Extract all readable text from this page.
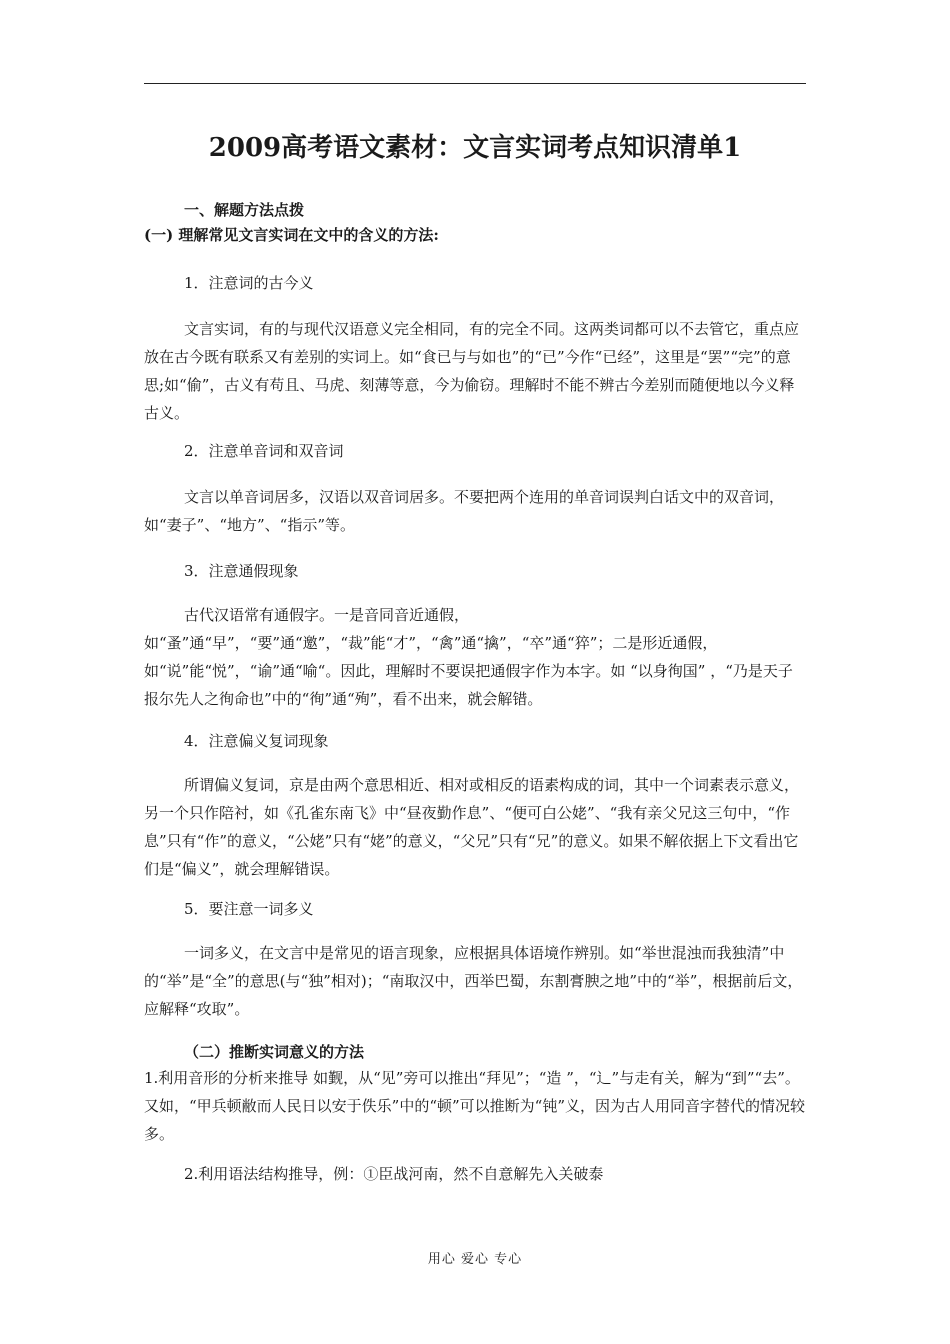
2009高考语文素材：文言实词考点知识清单1
一、解题方法点拨
(一) 理解常见文言实词在文中的含义的方法:
1．注意词的古今义
文言实词，有的与现代汉语意义完全相同，有的完全不同。这两类词都可以不去管它，重点应放在古今既有联系又有差别的实词上。如“食已与与如也”的“已”今作“已经”，这里是“罢”“完”的意思;如“偷”，古义有苟且、马虎、刻薄等意，今为偷窃。理解时不能不辨古今差别而随便地以今义释古义。
2．注意单音词和双音词
文言以单音词居多，汉语以双音词居多。不要把两个连用的单音词误判白话文中的双音词，如“妻子”、“地方”、“指示”等。
3．注意通假现象
古代汉语常有通假字。一是音同音近通假，如“蚤”通“早”，“要”通“邀”，“裁”能“才”，“禽”通“擒”，“卒”通“猝”；二是形近通假，如“说”能“悦”，“谕”通“喻“。因此，理解时不要误把通假字作为本字。如 “以身徇国” ，“乃是天子报尔先人之徇命也”中的“徇”通“殉”，看不出来，就会解错。
4．注意偏义复词现象
所谓偏义复词，京是由两个意思相近、相对或相反的语素构成的词，其中一个词素表示意义，另一个只作陪衬，如《孔雀东南飞》中“昼夜勤作息”、“便可白公姥”、“我有亲父兄这三句中，“作息”只有“作”的意义，“公姥”只有“姥”的意义，“父兄”只有“兄”的意义。如果不解依据上下文看出它们是“偏义”，就会理解错误。
5．要注意一词多义
一词多义，在文言中是常见的语言现象，应根据具体语境作辨别。如“举世混浊而我独清”中的“举”是“全”的意思(与“独”相对)；“南取汉中，西举巴蜀，东割膏腴之地”中的“举”，根据前后文，应解释“攻取”。
（二）推断实词意义的方法
1.利用音形的分析来推导 如觐，从“见”旁可以推出“拜见”；“造 ”，“辶”与走有关，解为“到”“去”。又如，“甲兵顿敝而人民日以安于佚乐”中的“顿”可以推断为“钝”义，因为古人用同音字替代的情况较多。
2.利用语法结构推导，例：①臣战河南，然不自意解先入关破泰
用心 爱心 专心
